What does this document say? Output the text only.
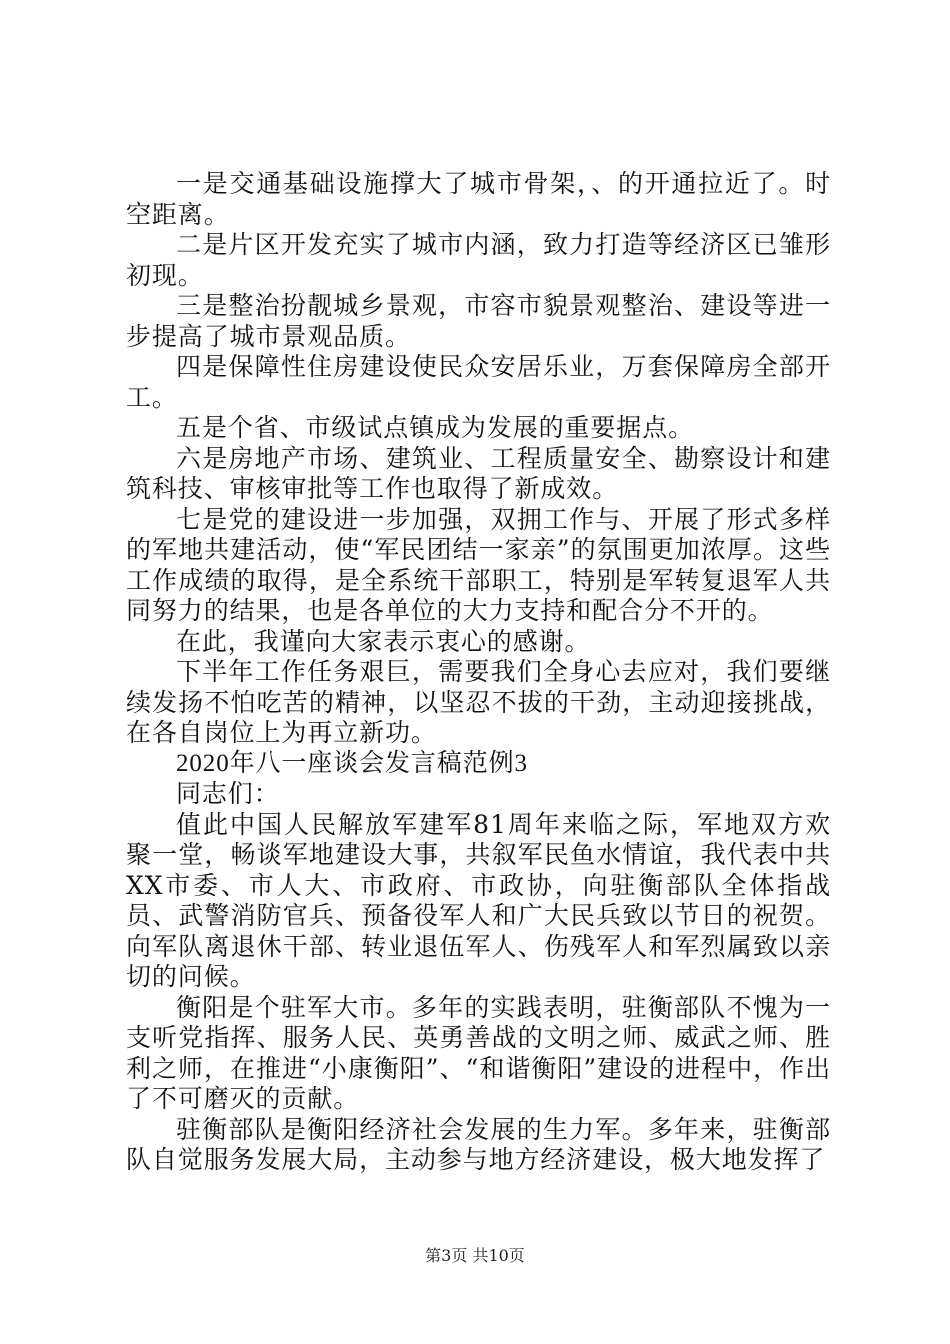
一是交通基础设施撑大了城市骨架，、的开通拉近了。时空距离。

二是片区开发充实了城市内涵，致力打造等经济区已雏形初现。

三是整治扮靓城乡景观，市容市貌景观整治、建设等进一步提高了城市景观品质。

四是保障性住房建设使民众安居乐业，万套保障房全部开工。

五是个省、市级试点镇成为发展的重要据点。

六是房地产市场、建筑业、工程质量安全、勘察设计和建筑科技、审核审批等工作也取得了新成效。

七是党的建设进一步加强，双拥工作与、开展了形式多样的军地共建活动，使“军民团结一家亲”的氛围更加浓厚。这些工作成绩的取得，是全系统干部职工，特别是军转复退军人共同努力的结果，也是各单位的大力支持和配合分不开的。

在此，我谨向大家表示衷心的感谢。

下半年工作任务艰巨，需要我们全身心去应对，我们要继续发扬不怕吃苦的精神，以坚忍不拔的干劲，主动迎接挑战，在各自岗位上为再立新功。

2020年八一座谈会发言稿范例3

同志们：

值此中国人民解放军建军81周年来临之际，军地双方欢聚一堂，畅谈军地建设大事，共叙军民鱼水情谊，我代表中共XX市委、市人大、市政府、市政协，向驻衡部队全体指战员、武警消防官兵、预备役军人和广大民兵致以节日的祝贺。向军队离退休干部、转业退伍军人、伤残军人和军烈属致以亲切的问候。

衡阳是个驻军大市。多年的实践表明，驻衡部队不愧为一支听党指挥、服务人民、英勇善战的文明之师、威武之师、胜利之师，在推进“小康衡阳”、“和谐衡阳”建设的进程中，作出了不可磨灭的贡献。

驻衡部队是衡阳经济社会发展的生力军。多年来，驻衡部队自觉服务发展大局，主动参与地方经济建设，极大地发挥了

第3页 共10页
